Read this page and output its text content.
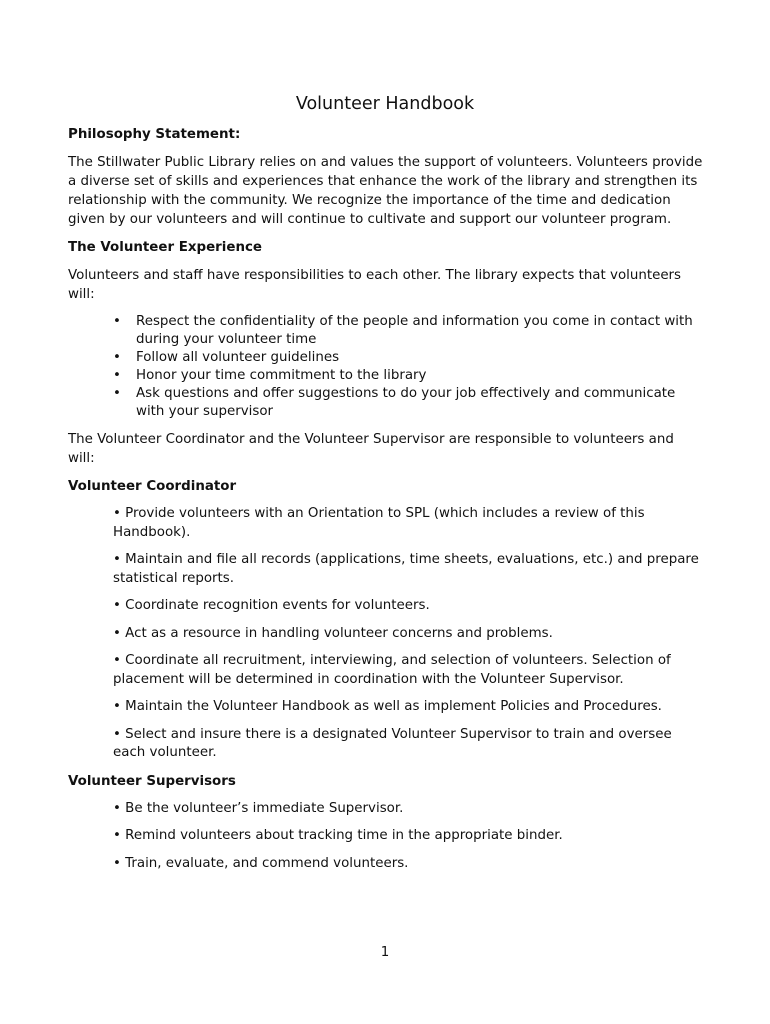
Volunteer Handbook
Philosophy Statement:

The Stillwater Public Library relies on and values the support of volunteers. Volunteers provide a diverse set of skills and experiences that enhance the work of the library and strengthen its relationship with the community. We recognize the importance of the time and dedication given by our volunteers and will continue to cultivate and support our volunteer program.

The Volunteer Experience

Volunteers and staff have responsibilities to each other. The library expects that volunteers will:

• Respect the confidentiality of the people and information you come in contact with during your volunteer time
• Follow all volunteer guidelines
• Honor your time commitment to the library
• Ask questions and offer suggestions to do your job effectively and communicate with your supervisor

The Volunteer Coordinator and the Volunteer Supervisor are responsible to volunteers and will:

Volunteer Coordinator
• Provide volunteers with an Orientation to SPL (which includes a review of this Handbook).
• Maintain and file all records (applications, time sheets, evaluations, etc.) and prepare statistical reports.
• Coordinate recognition events for volunteers.
• Act as a resource in handling volunteer concerns and problems.
• Coordinate all recruitment, interviewing, and selection of volunteers. Selection of placement will be determined in coordination with the Volunteer Supervisor.
• Maintain the Volunteer Handbook as well as implement Policies and Procedures.
• Select and insure there is a designated Volunteer Supervisor to train and oversee each volunteer.
Volunteer Supervisors
• Be the volunteer’s immediate Supervisor.
• Remind volunteers about tracking time in the appropriate binder.
• Train, evaluate, and commend volunteers.
1
